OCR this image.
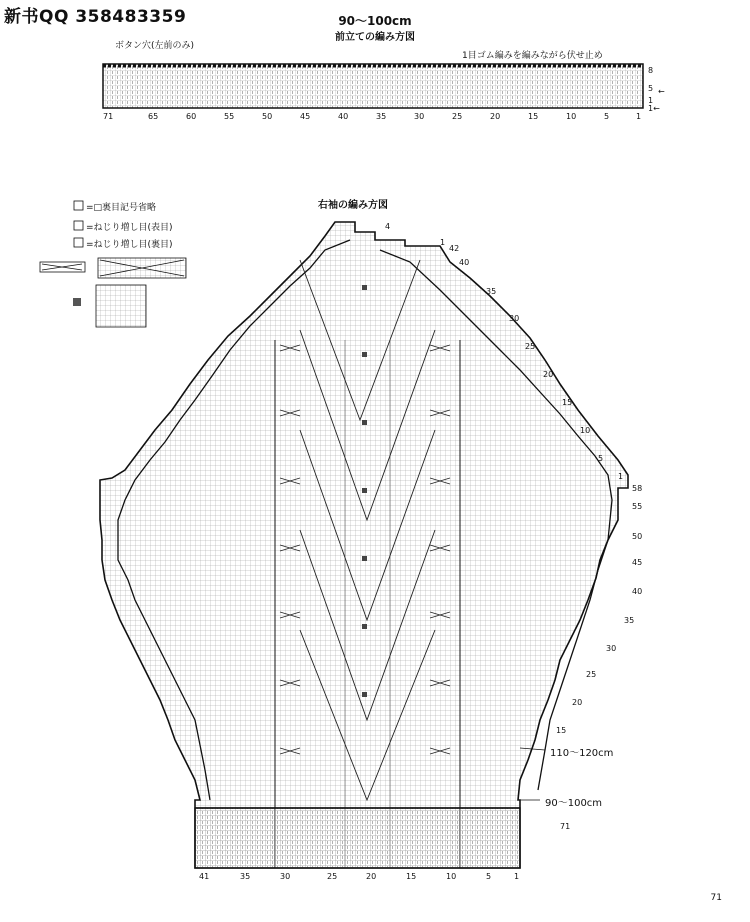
新书QQ 358483359	90〜100cm
前立ての編み方図
ボタン穴(左前のみ)
1目ゴム編みを編みながら伏せ止め
8
5
1
←
1←
71	65	60	55	50	45	40	35	30	25	20	15	10	5	1
右袖の編み方図
4
1
42
40
35
30
25
20
15
10
5
1
58
55
50
45
40
35
30
25
20
15
110〜120cm
90〜100cm
71
41	35	30	25	20	15	10	5	1
=□裏目記号省略
=ねじり増し目(表目)
=ねじり増し目(裏目)
71
